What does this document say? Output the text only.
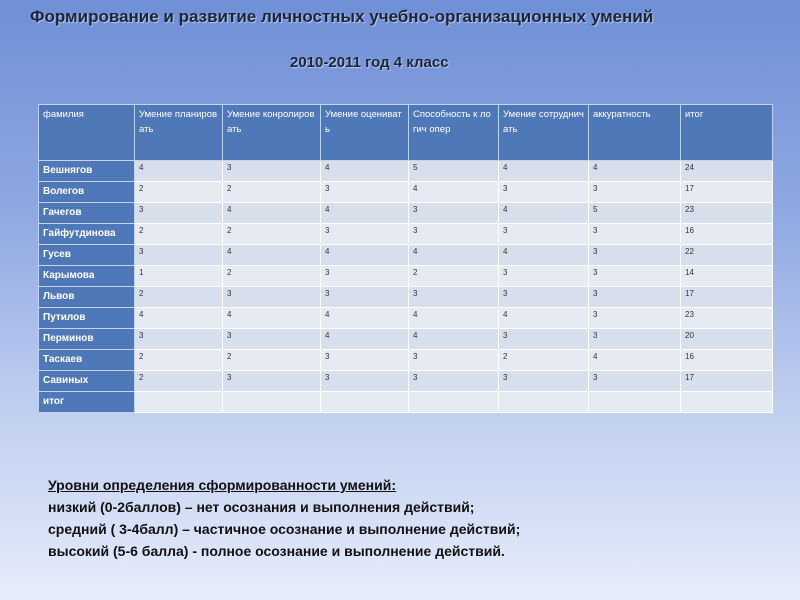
Формирование и развитие личностных учебно-организационных умений
2010-2011 год 4 класс
фамилия	Умение планировать	Умение конролировать	Умение оценивать	Способность к логич опер	Умение сотрудничать	аккуратность	итог
Вешнягов	4	3	4	5	4	4	24
Волегов	2	2	3	4	3	3	17
Гачегов	3	4	4	3	4	5	23
Гайфутдинова	2	2	3	3	3	3	16
Гусев	3	4	4	4	4	3	22
Карымова	1	2	3	2	3	3	14
Львов	2	3	3	3	3	3	17
Путилов	4	4	4	4	4	3	23
Перминов	3	3	4	4	3	3	20
Таскаев	2	2	3	3	2	4	16
Савиных	2	3	3	3	3	3	17
итог							
Уровни определения сформированности умений:
низкий (0-2баллов) – нет осознания и выполнения действий;
средний ( 3-4балл) – частичное осознание и выполнение действий;
высокий (5-6 балла) - полное осознание и выполнение действий.
